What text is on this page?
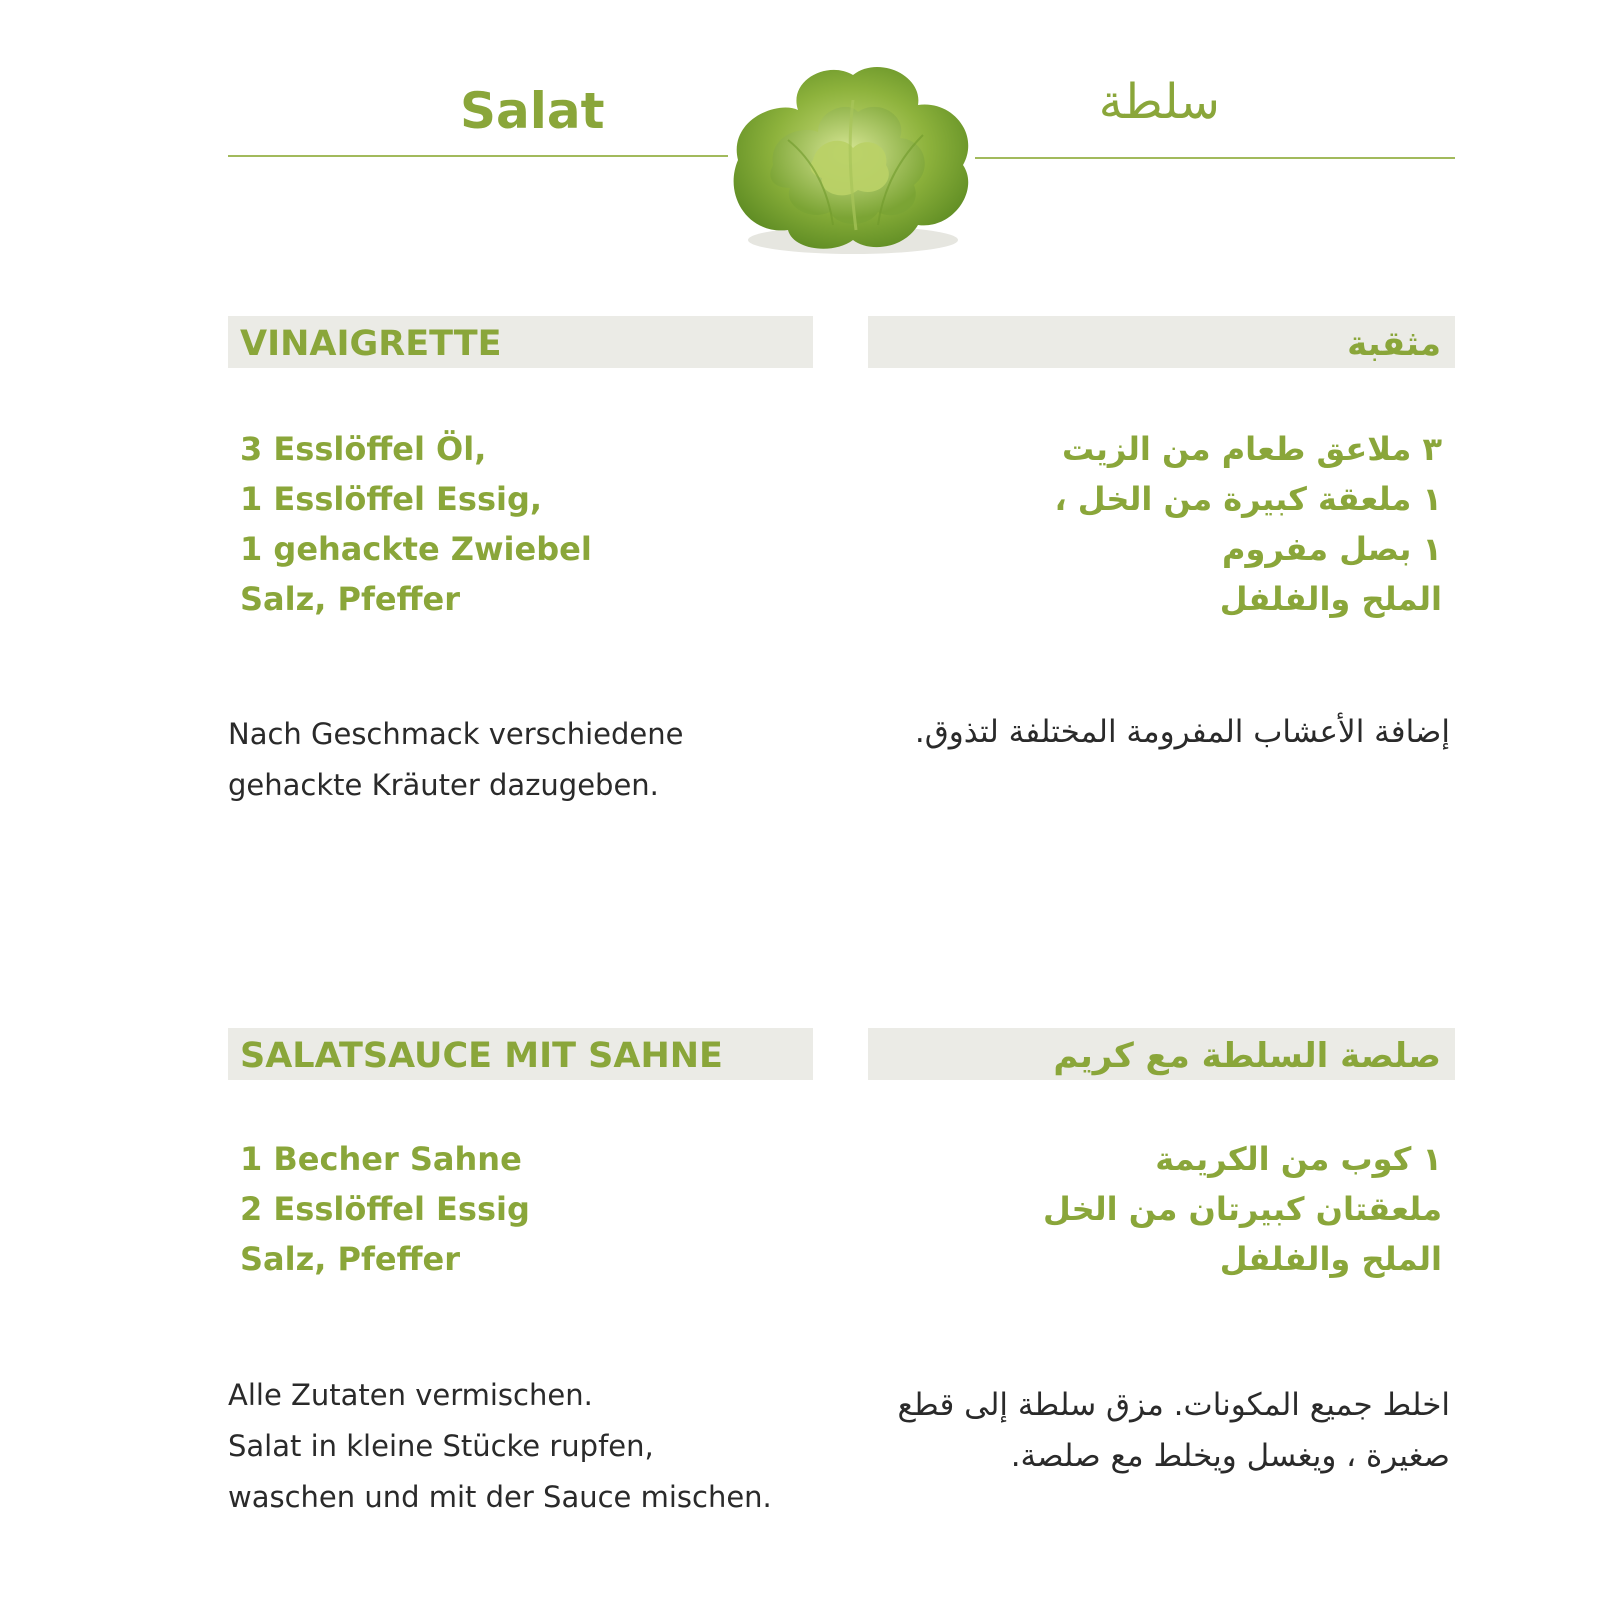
Salat	سلطة
VINAIGRETTE	مثقبة
3 Esslöffel Öl,
1 Esslöffel Essig,
1 gehackte Zwiebel
Salz, Pfeffer
٣ ملاعق طعام من الزيت
١ ملعقة كبيرة من الخل ،
١ بصل مفروم
الملح والفلفل

Nach Geschmack verschiedene
gehackte Kräuter dazugeben.

إضافة الأعشاب المفرومة المختلفة لتذوق.

SALATSAUCE MIT SAHNE	صلصة السلطة مع كريم
1 Becher Sahne
2 Esslöffel Essig
Salz, Pfeffer
١ كوب من الكريمة
ملعقتان كبيرتان من الخل
الملح والفلفل

Alle Zutaten vermischen.
Salat in kleine Stücke rupfen,
waschen und mit der Sauce mischen.

اخلط جميع المكونات. مزق سلطة إلى قطع
صغيرة ، ويغسل ويخلط مع صلصة.
